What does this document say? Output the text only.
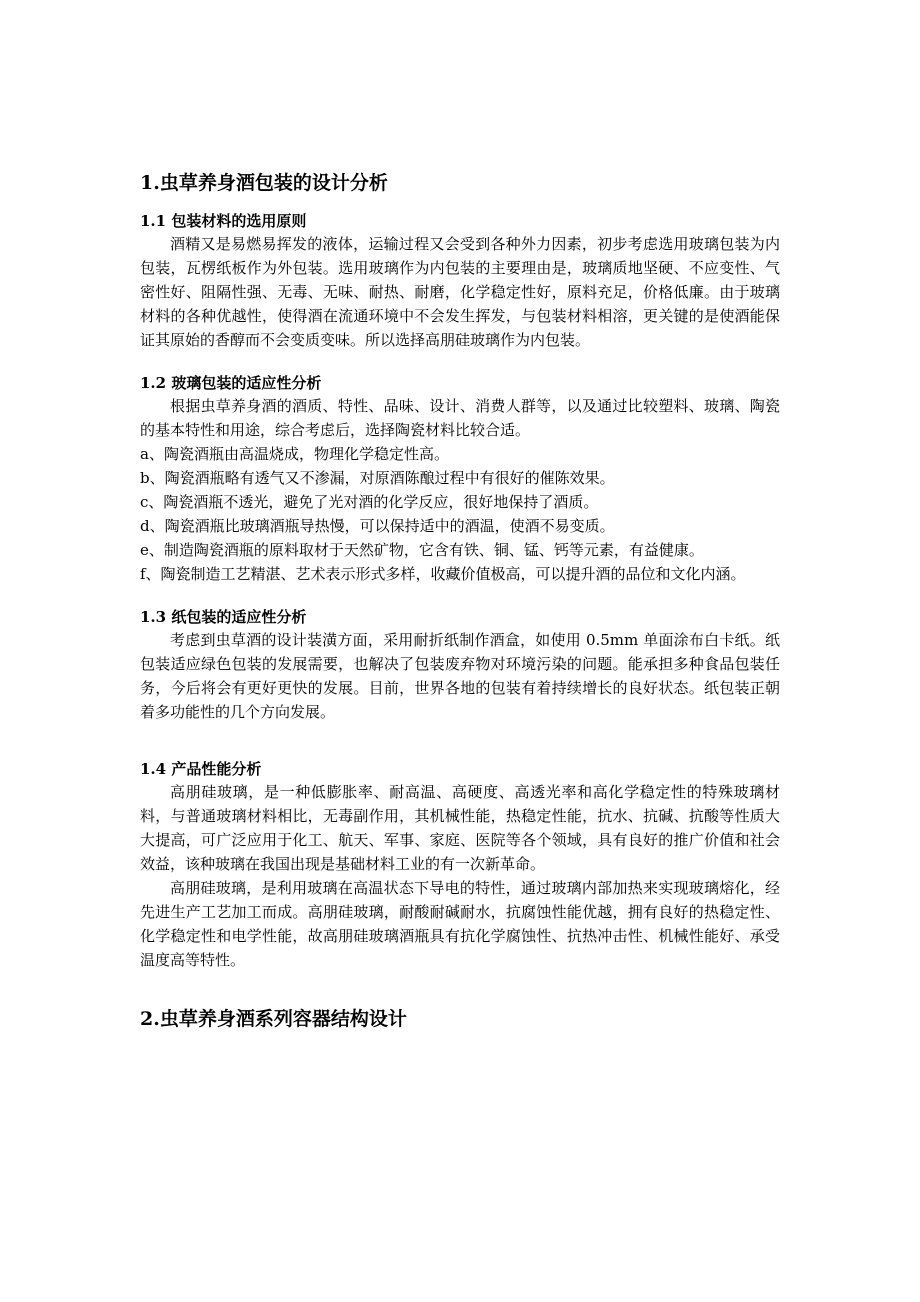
1.虫草养身酒包装的设计分析
1.1 包装材料的选用原则

酒精又是易燃易挥发的液体，运输过程又会受到各种外力因素，初步考虑选用玻璃包装为内包装，瓦楞纸板作为外包装。选用玻璃作为内包装的主要理由是，玻璃质地坚硬、不应变性、气密性好、阻隔性强、无毒、无味、耐热、耐磨，化学稳定性好，原料充足，价格低廉。由于玻璃材料的各种优越性，使得酒在流通环境中不会发生挥发，与包装材料相溶，更关键的是使酒能保证其原始的香醇而不会变质变味。所以选择高朋硅玻璃作为内包装。

1.2 玻璃包装的适应性分析

根据虫草养身酒的酒质、特性、品味、设计、消费人群等，以及通过比较塑料、玻璃、陶瓷的基本特性和用途，综合考虑后，选择陶瓷材料比较合适。

a、陶瓷酒瓶由高温烧成，物理化学稳定性高。

b、陶瓷酒瓶略有透气又不渗漏，对原酒陈酿过程中有很好的催陈效果。

c、陶瓷酒瓶不透光，避免了光对酒的化学反应，很好地保持了酒质。

d、陶瓷酒瓶比玻璃酒瓶导热慢，可以保持适中的酒温，使酒不易变质。

e、制造陶瓷酒瓶的原料取材于天然矿物，它含有铁、铜、锰、钙等元素，有益健康。

f、陶瓷制造工艺精湛、艺术表示形式多样，收藏价值极高，可以提升酒的品位和文化内涵。

1.3 纸包装的适应性分析

考虑到虫草酒的设计装潢方面，采用耐折纸制作酒盒，如使用 0.5mm 单面涂布白卡纸。纸包装适应绿色包装的发展需要，也解决了包装废弃物对环境污染的问题。能承担多种食品包装任务，今后将会有更好更快的发展。目前，世界各地的包装有着持续增长的良好状态。纸包装正朝着多功能性的几个方向发展。

1.4 产品性能分析

高朋硅玻璃，是一种低膨胀率、耐高温、高硬度、高透光率和高化学稳定性的特殊玻璃材料，与普通玻璃材料相比，无毒副作用，其机械性能，热稳定性能，抗水、抗碱、抗酸等性质大大提高，可广泛应用于化工、航天、军事、家庭、医院等各个领域，具有良好的推广价值和社会效益，该种玻璃在我国出现是基础材料工业的有一次新革命。

高朋硅玻璃，是利用玻璃在高温状态下导电的特性，通过玻璃内部加热来实现玻璃熔化，经先进生产工艺加工而成。高朋硅玻璃，耐酸耐碱耐水，抗腐蚀性能优越，拥有良好的热稳定性、化学稳定性和电学性能，故高朋硅玻璃酒瓶具有抗化学腐蚀性、抗热冲击性、机械性能好、承受温度高等特性。

2.虫草养身酒系列容器结构设计
